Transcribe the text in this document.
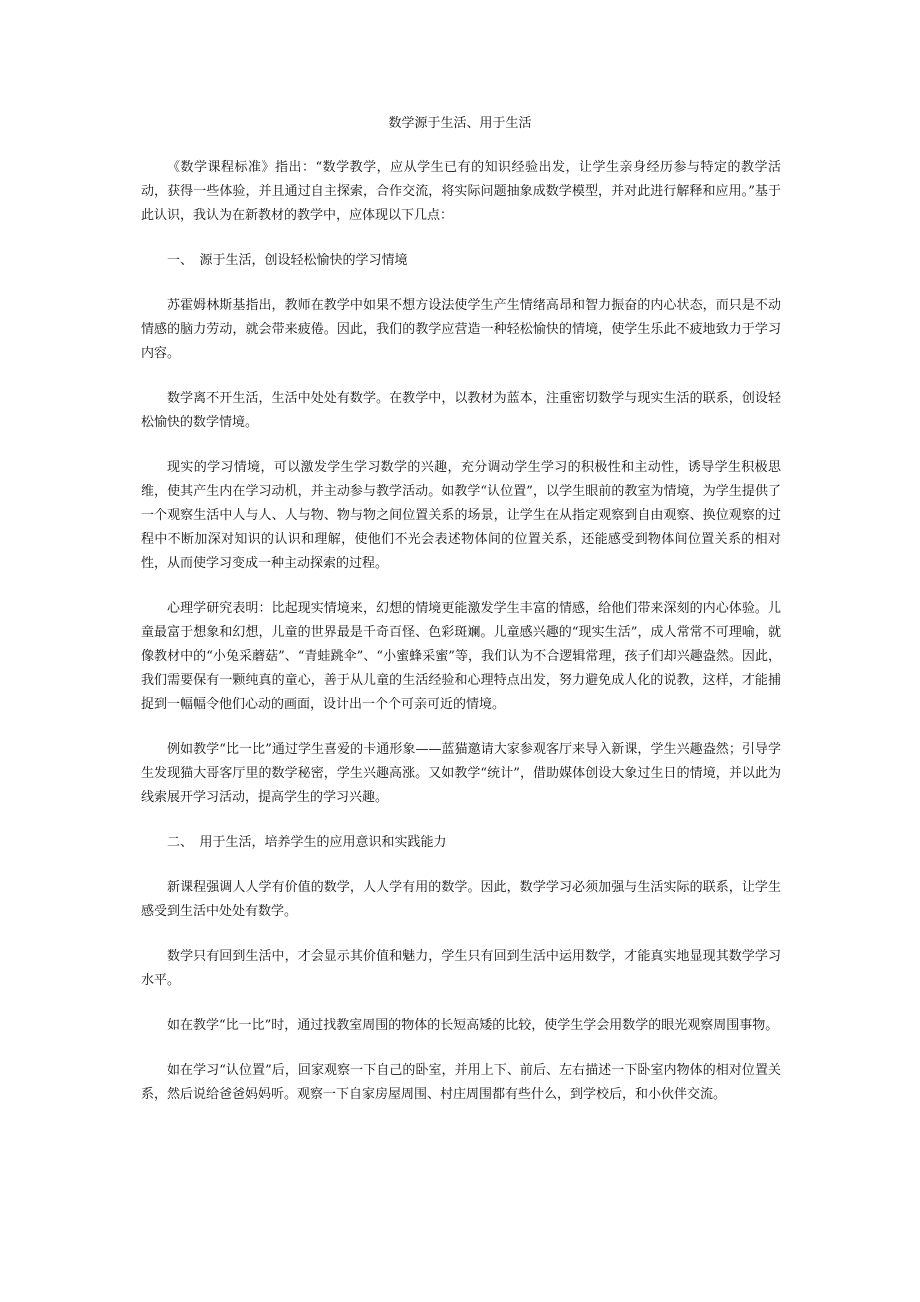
数学源于生活、用于生活

《数学课程标准》指出：“数学教学，应从学生已有的知识经验出发，让学生亲身经历参与特定的教学活动，获得一些体验，并且通过自主探索，合作交流，将实际问题抽象成数学模型，并对此进行解释和应用。”基于此认识，我认为在新教材的教学中，应体现以下几点：

一、　源于生活，创设轻松愉快的学习情境

苏霍姆林斯基指出，教师在教学中如果不想方设法使学生产生情绪高昂和智力振奋的内心状态，而只是不动情感的脑力劳动，就会带来疲倦。因此，我们的教学应营造一种轻松愉快的情境，使学生乐此不疲地致力于学习内容。

数学离不开生活，生活中处处有数学。在教学中，以教材为蓝本，注重密切数学与现实生活的联系，创设轻松愉快的数学情境。

现实的学习情境，可以激发学生学习数学的兴趣，充分调动学生学习的积极性和主动性，诱导学生积极思维，使其产生内在学习动机，并主动参与教学活动。如教学“认位置”，以学生眼前的教室为情境，为学生提供了一个观察生活中人与人、人与物、物与物之间位置关系的场景，让学生在从指定观察到自由观察、换位观察的过程中不断加深对知识的认识和理解，使他们不光会表述物体间的位置关系，还能感受到物体间位置关系的相对性，从而使学习变成一种主动探索的过程。

心理学研究表明：比起现实情境来，幻想的情境更能激发学生丰富的情感，给他们带来深刻的内心体验。儿童最富于想象和幻想，儿童的世界最是千奇百怪、色彩斑斓。儿童感兴趣的“现实生活”，成人常常不可理喻，就像教材中的“小兔采蘑菇”、“青蛙跳伞”、“小蜜蜂采蜜”等，我们认为不合逻辑常理，孩子们却兴趣盎然。因此，我们需要保有一颗纯真的童心，善于从儿童的生活经验和心理特点出发，努力避免成人化的说教，这样，才能捕捉到一幅幅令他们心动的画面，设计出一个个可亲可近的情境。

例如教学“比一比”通过学生喜爱的卡通形象——蓝猫邀请大家参观客厅来导入新课，学生兴趣盎然；引导学生发现猫大哥客厅里的数学秘密，学生兴趣高涨。又如教学“统计”，借助媒体创设大象过生日的情境，并以此为线索展开学习活动，提高学生的学习兴趣。

二、　用于生活，培养学生的应用意识和实践能力

新课程强调人人学有价值的数学，人人学有用的数学。因此，数学学习必须加强与生活实际的联系，让学生感受到生活中处处有数学。

数学只有回到生活中，才会显示其价值和魅力，学生只有回到生活中运用数学，才能真实地显现其数学学习水平。

如在教学“比一比”时，通过找教室周围的物体的长短高矮的比较，使学生学会用数学的眼光观察周围事物。

如在学习“认位置”后，回家观察一下自己的卧室，并用上下、前后、左右描述一下卧室内物体的相对位置关系，然后说给爸爸妈妈听。观察一下自家房屋周围、村庄周围都有些什么，到学校后，和小伙伴交流。
